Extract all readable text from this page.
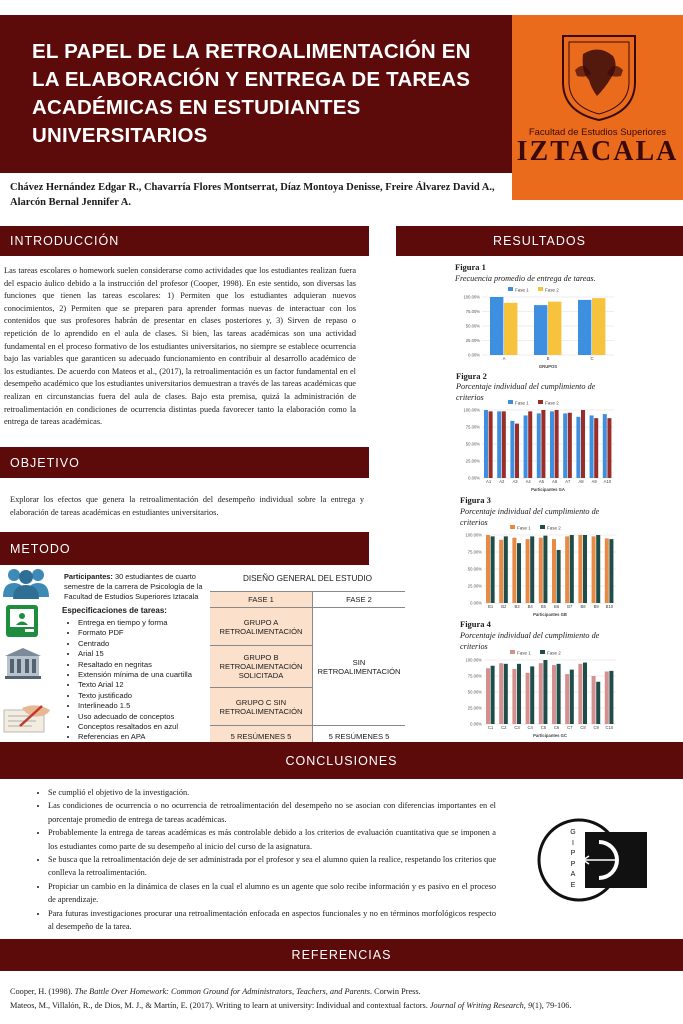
EL PAPEL DE LA RETROALIMENTACIÓN EN LA ELABORACIÓN Y ENTREGA DE TAREAS ACADÉMICAS EN ESTUDIANTES UNIVERSITARIOS	Facultad de Estudios Superiores
IZTACALA
Chávez Hernández Edgar R., Chavarría Flores Montserrat, Díaz Montoya Denisse, Freire Álvarez David A., Alarcón Bernal Jennifer A.
INTRODUCCIÓN
Las tareas escolares o homework suelen considerarse como actividades que los estudiantes realizan fuera del espacio áulico debido a la instrucción del profesor (Cooper, 1998). En este sentido, son diversas las funciones que tienen las tareas escolares: 1) Permiten que los estudiantes adquieran nuevos conocimientos, 2) Permiten que se preparen para aprender formas nuevas de interactuar con los contenidos que sus profesores habrán de presentar en clases posteriores y, 3) Sirven de repaso o repetición de lo aprendido en el aula de clases. Si bien, las tareas académicas son una actividad fundamental en el proceso formativo de los estudiantes universitarios, no siempre se establece ocurrencia bajo las variables que garanticen su adecuado funcionamiento en contribuir al desarrollo académico de los estudiantes. De acuerdo con Mateos et al., (2017), la retroalimentación es un factor fundamental en el desempeño académico que los estudiantes universitarios demuestran a través de las tareas académicas que realizan en circunstancias fuera del aula de clases. Bajo esta premisa, quizá la administración de retroalimentación en condiciones de ocurrencia distintas pueda favorecer tanto la elaboración como la entrega de tareas académicas.
OBJETIVO
Explorar los efectos que genera la retroalimentación del desempeño individual sobre la entrega y elaboración de tareas académicas en estudiantes universitarios.
METODO
Participantes: 30 estudiantes de cuarto semestre de la carrera de Psicología de la Facultad de Estudios Superiores Iztacala
Especificaciones de tareas:
• Entrega en tiempo y forma
• Formato PDF
• Centrado
• Arial 15
• Resaltado en negritas
• Extensión mínima de una cuartilla
• Texto Arial 12
• Texto justificado
• Interlineado 1.5
• Uso adecuado de conceptos
• Conceptos resaltados en azul
• Referencias en APA
DISEÑO GENERAL DEL ESTUDIO
FASE 1	FASE 2
GRUPO A RETROALIMENTACIÓN	SIN RETROALIMENTACIÓN
GRUPO B RETROALIMENTACIÓN SOLICITADA	
GRUPO C SIN RETROALIMENTACIÓN	
5 RESÚMENES 5	5 RESÚMENES 5
RESULTADOS
Figura 1
Frecuencia promedio de entrega de tareas.
Fase 1	Fase 2
0.00%
25.00%
50.00%
75.00%
100.00%
A	B	C
GRUPOS
Figura 2
Porcentaje individual del cumplimiento de criterios
Fase 1	Fase 2
0.00%
25.00%
50.00%
75.00%
100.00%
A1 A2 A3 A4 A5 A6 A7 A8 A9 A10
Participantes GA
Figura 3
Porcentaje individual del cumplimiento de criterios
Fase 1	Fase 2
0.00%
25.00%
50.00%
75.00%
100.00%
B1 B2 B3 B4 B5 B6 B7 B8 B9 B10
Participantes GB
Figura 4
Porcentaje individual del cumplimiento de criterios
Fase 1	Fase 2
0.00%
25.00%
50.00%
75.00%
100.00%
C1 C2 C3 C4 C5 C6 C7 C8 C9 C10
Participantes GC
CONCLUSIONES
• Se cumplió el objetivo de la investigación.
• Las condiciones de ocurrencia o no ocurrencia de retroalimentación del desempeño no se asocian con diferencias importantes en el porcentaje promedio de entrega de tareas académicas.
• Probablemente la entrega de tareas académicas es más controlable debido a los criterios de evaluación cuantitativa que se imponen a los estudiantes como parte de su desempeño al inicio del curso de la asignatura.
• Se busca que la retroalimentación deje de ser administrada por el profesor y sea el alumno quien la realice, respetando los criterios que conlleva la retroalimentación.
• Propiciar un cambio en la dinámica de clases en la cual el alumno es un agente que solo recibe información y es pasivo en el proceso de aprendizaje.
• Para futuras investigaciones procurar una retroalimentación enfocada en aspectos funcionales y no en términos morfológicos respecto al desempeño de la tarea.
G
I
P
P
A
E
REFERENCIAS
Cooper, H. (1998). The Battle Over Homework: Common Ground for Administrators, Teachers, and Parents. Corwin Press.
Mateos, M., Villalón, R., de Dios, M. J., & Martín, E. (2017). Writing to learn at university: Individual and contextual factors. Journal of Writing Research, 9(1), 79-106.
